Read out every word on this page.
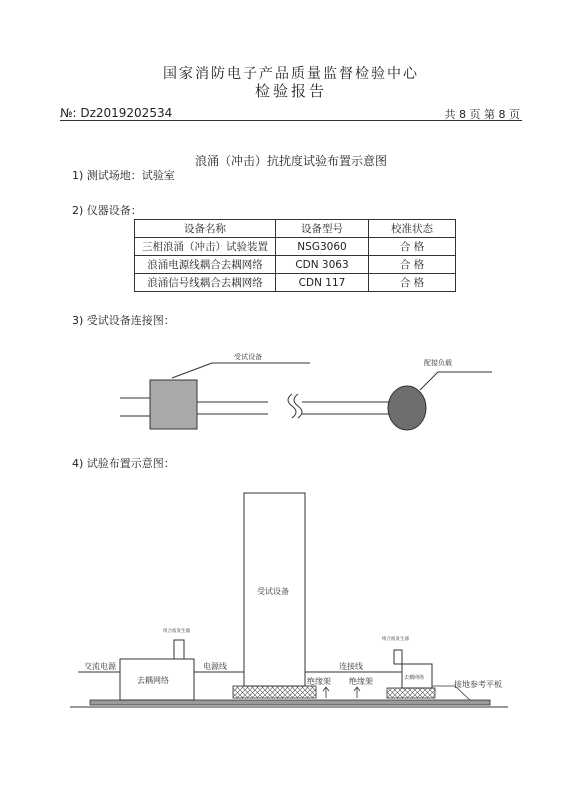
国家消防电子产品质量监督检验中心
检验报告
№: Dz2019202534	共 8 页 第 8 页
浪涌（冲击）抗扰度试验布置示意图
1) 测试场地：试验室
2) 仪器设备：
设备名称	设备型号	校准状态
三相浪涌（冲击）试验装置	NSG3060	合 格
浪涌电源线耦合去耦网络	CDN 3063	合 格
浪涌信号线耦合去耦网络	CDN 117	合 格
3) 受试设备连接图：
受试设备
配接负载
4) 试验布置示意图：
交流电源
去耦网络
组合波发生器
电源线
受试设备
连接线
绝缘架 绝缘架	去耦网络
组合波发生器
接地参考平板
